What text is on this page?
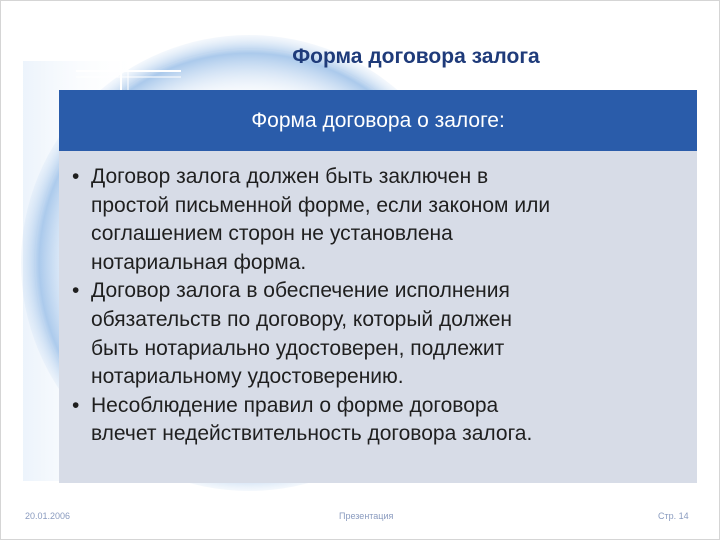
Форма договора залога
Форма договора о залоге:
• Договор залога должен быть заключен в
простой письменной форме, если законом или
соглашением сторон не установлена
нотариальная форма.
• Договор залога в обеспечение исполнения
обязательств по договору, который должен
быть нотариально удостоверен, подлежит
нотариальному удостоверению.
• Несоблюдение правил о форме договора
влечет недействительность договора залога.
20.01.2006	Презентация	Стр. 14
